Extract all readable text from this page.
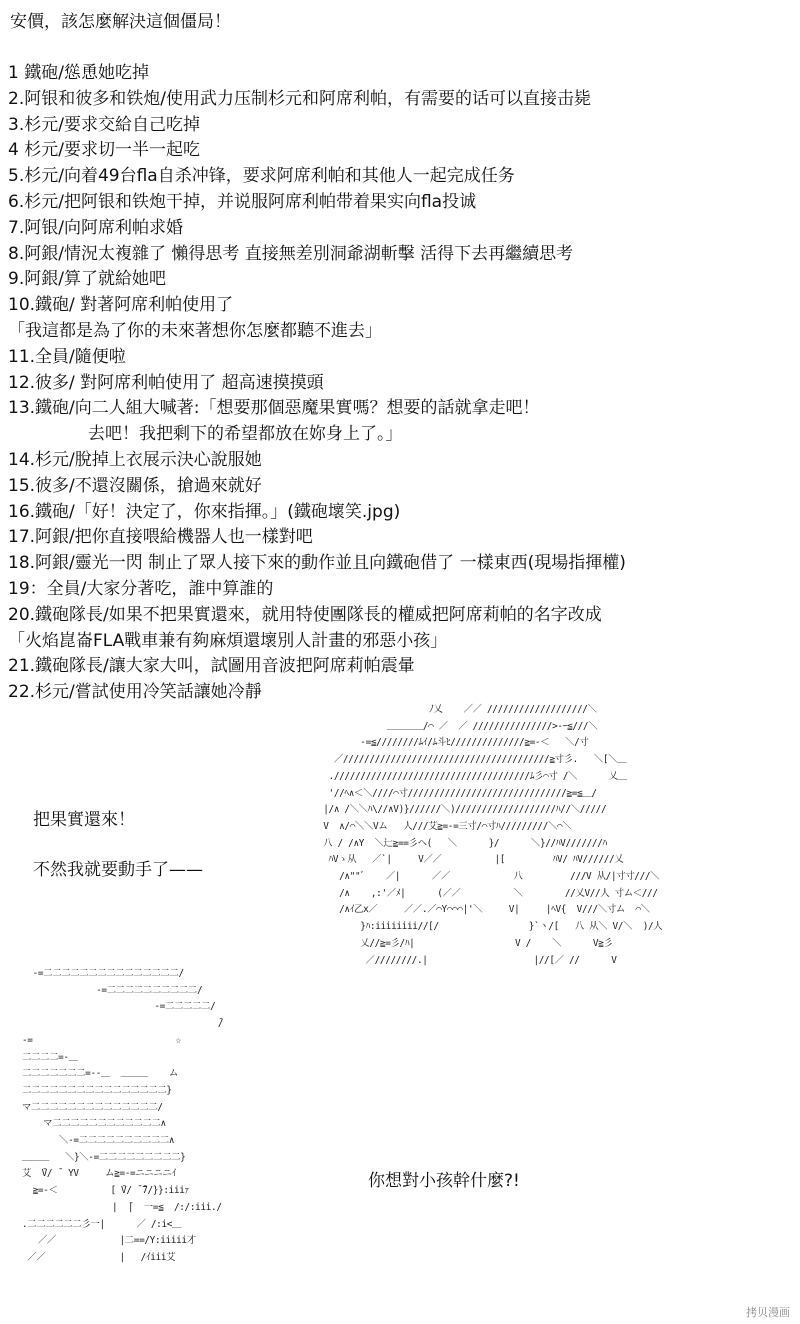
安價，該怎麼解決這個僵局！
1 鐵砲/慫恿她吃掉
2.阿银和彼多和铁炮/使用武力压制杉元和阿席利帕，有需要的话可以直接击毙
3.杉元/要求交給自己吃掉
4 杉元/要求切一半一起吃
5.杉元/向着49台fla自杀冲锋，要求阿席利帕和其他人一起完成任务
6.杉元/把阿银和铁炮干掉，并说服阿席利帕带着果实向fla投诚
7.阿银/向阿席利帕求婚
8.阿銀/情況太複雜了 懶得思考 直接無差別洞爺湖斬擊 活得下去再繼續思考
9.阿銀/算了就給她吧
10.鐵砲/ 對著阿席利帕使用了
「我這都是為了你的未來著想你怎麼都聽不進去」
11.全員/隨便啦
12.彼多/ 對阿席利帕使用了 超高速摸摸頭
13.鐵砲/向二人組大喊著:「想要那個惡魔果實嗎？想要的話就拿走吧！
去吧！我把剩下的希望都放在妳身上了。」
14.杉元/脫掉上衣展示決心說服她
15.彼多/不還沒關係，搶過來就好
16.鐵砲/「好！決定了，你來指揮。」(鐵砲壞笑.jpg)
17.阿銀/把你直接喂給機器人也一樣對吧
18.阿銀/靈光一閃 制止了眾人接下來的動作並且向鐵砲借了 一樣東西(現場指揮權)
19：全員/大家分著吃，誰中算誰的
20.鐵砲隊長/如果不把果實還來，就用特使團隊長的權威把阿席莉帕的名字改成
「火焰崑崙FLA戰車兼有夠麻煩還壞別人計畫的邪惡小孩」
21.鐵砲隊長/讓大家大叫，試圖用音波把阿席莉帕震暈
22.杉元/嘗試使用冷笑話讓她冷靜
ﾉ乂    ／／ ///////////////////＼
＿＿＿＿/⌒ ／  ／ ///////////////>-ｰ≦///＼
-=≦////////ﾑｲ/ﾑ斗ﾋ//////////////≧=-＜   ＼/寸
／///////////////////////////////////////≧寸彡.   ＼[＼＿
./////////////////////////////////////ﾑ彡⌒寸 /＼      乂＿
'//ﾍ∧＜＼////⌒寸//////////////////////////////≧=≦＿/
|/∧ /＼＼ﾊ\//∧V)}//////＼)///////////////////ﾊ//＼/////
V  ∧/⌒＼＼Vム   人///艾≧=-=三寸/⌒寸ﾊ/////////＼⌒＼
八 / /∧Y  ＼辷≧==彡ヘ(   ＼      }/      ＼}//ﾊV///////ﾊ
ﾊVゝ从   ／`|     V／／          |[         ﾊV/ ﾊV//////乂
/∧""ﾞ    ／|      ／／            八         ///V 从/|寸寸///＼
/∧    ,:'／ﾒ|      (／／          ＼        //乂V//人 寸ム＜///
/∧ｲ乙x／     ／／.／⌒Y⌒⌒⌒|'＼     V|     |ﾍV{  V///＼寸ム  ⌒＼
}ﾊ:iiiiiiii//[/                 }`ヽ/[   八 从＼ V/＼  )/人
乂//≧=彡/ﾊ|                   V /    ＼      V≧彡
／////////.|                    |//[／ //      V
把果實還來！
不然我就要動手了——
-=二二二二二二二二二二二二二二二/
-=二二二二二二二二二二/
-=二二二二二/
̄/
-=                           ☆
二二二二=-＿
二二二二二二二=--＿  ＿＿＿    ム
二二二二二二二二二二二二二二二二}
マ二二二二二二二二二二二二二二/
マ二二二二二二二二二二二二∧
＼-=二二二二二二二二二二∧
＿＿＿   ＼}＼-=二二二二二二二二二}
艾  ̄V/ ̄  YV     ム≧=-=ニニニニｲ
≧=-＜          [ ̄V/ ̄ ̄7/}}:iiiｧ
|  ̄|  一=≦  /:/:iii./
.二二二二二二彡一|      ／ /:i<＿
／／            |二==/Y:iiiii才
／／              |   /ｲiii艾
你想對小孩幹什麼?!
拷贝漫画
